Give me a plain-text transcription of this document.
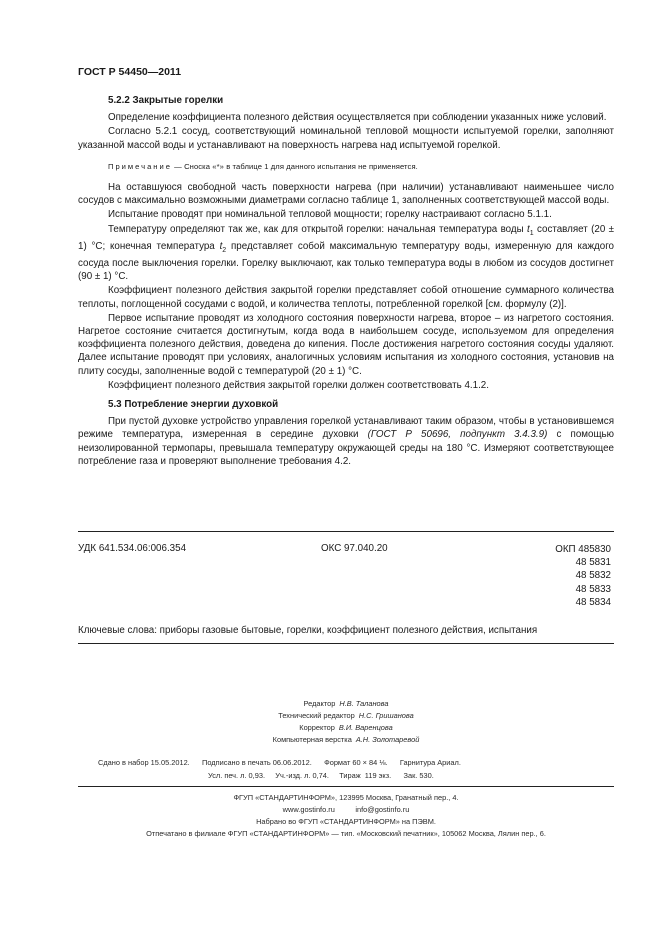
ГОСТ Р 54450—2011
5.2.2 Закрытые горелки
Определение коэффициента полезного действия осуществляется при соблюдении указанных ниже условий.
Согласно 5.2.1 сосуд, соответствующий номинальной тепловой мощности испытуемой горелки, заполняют указанной массой воды и устанавливают на поверхность нагрева над испытуемой горелкой.
Примечание — Сноска «*» в таблице 1 для данного испытания не применяется.
На оставшуюся свободной часть поверхности нагрева (при наличии) устанавливают наименьшее число сосудов с максимально возможными диаметрами согласно таблице 1, заполненных соответствующей массой воды.
Испытание проводят при номинальной тепловой мощности; горелку настраивают согласно 5.1.1.
Температуру определяют так же, как для открытой горелки: начальная температура воды $t_1$ составляет (20 ± 1) °С; конечная температура $t_2$ представляет собой максимальную температуру воды, измеренную для каждого сосуда после выключения горелки. Горелку выключают, как только температура воды в любом из сосудов достигнет (90 ± 1) °С.
Коэффициент полезного действия закрытой горелки представляет собой отношение суммарного количества теплоты, поглощенной сосудами с водой, и количества теплоты, потребленной горелкой [см. формулу (2)].
Первое испытание проводят из холодного состояния поверхности нагрева, второе – из нагретого состояния. Нагретое состояние считается достигнутым, когда вода в наибольшем сосуде, используемом для определения коэффициента полезного действия, доведена до кипения. После достижения нагретого состояния сосуды удаляют. Далее испытание проводят при условиях, аналогичных условиям испытания из холодного состояния, установив на плиту сосуды, заполненные водой с температурой (20 ± 1) °С.
Коэффициент полезного действия закрытой горелки должен соответствовать 4.1.2.
5.3 Потребление энергии духовкой
При пустой духовке устройство управления горелкой устанавливают таким образом, чтобы в установившемся режиме температура, измеренная в середине духовки (ГОСТ Р 50696, подпункт 3.4.3.9) с помощью неизолированной термопары, превышала температуру окружающей среды на 180 °С. Измеряют соответствующее потребление газа и проверяют выполнение требования 4.2.
УДК 641.534.06:006.354	ОКС 97.040.20	ОКП 485830
48 5831
48 5832
48 5833
48 5834
Ключевые слова: приборы газовые бытовые, горелки, коэффициент полезного действия, испытания
Редактор Н.В. Таланова
Технический редактор Н.С. Гришанова
Корректор В.И. Варенцова
Компьютерная верстка А.Н. Золотаревой
Сдано в набор 15.05.2012.      Подписано в печать 06.06.2012.      Формат 60 × 84 ⅛.      Гарнитура Ариал.
Усл. печ. л. 0,93.     Уч.-изд. л. 0,74.     Тираж  119 экз.      Зак. 530.
ФГУП «СТАНДАРТИНФОРМ», 123995 Москва, Гранатный пер., 4.
www.gostinfo.ru          info@gostinfo.ru
Набрано во ФГУП «СТАНДАРТИНФОРМ» на ПЭВМ.
Отпечатано в филиале ФГУП «СТАНДАРТИНФОРМ» — тип. «Московский печатник», 105062 Москва, Лялин пер., 6.
